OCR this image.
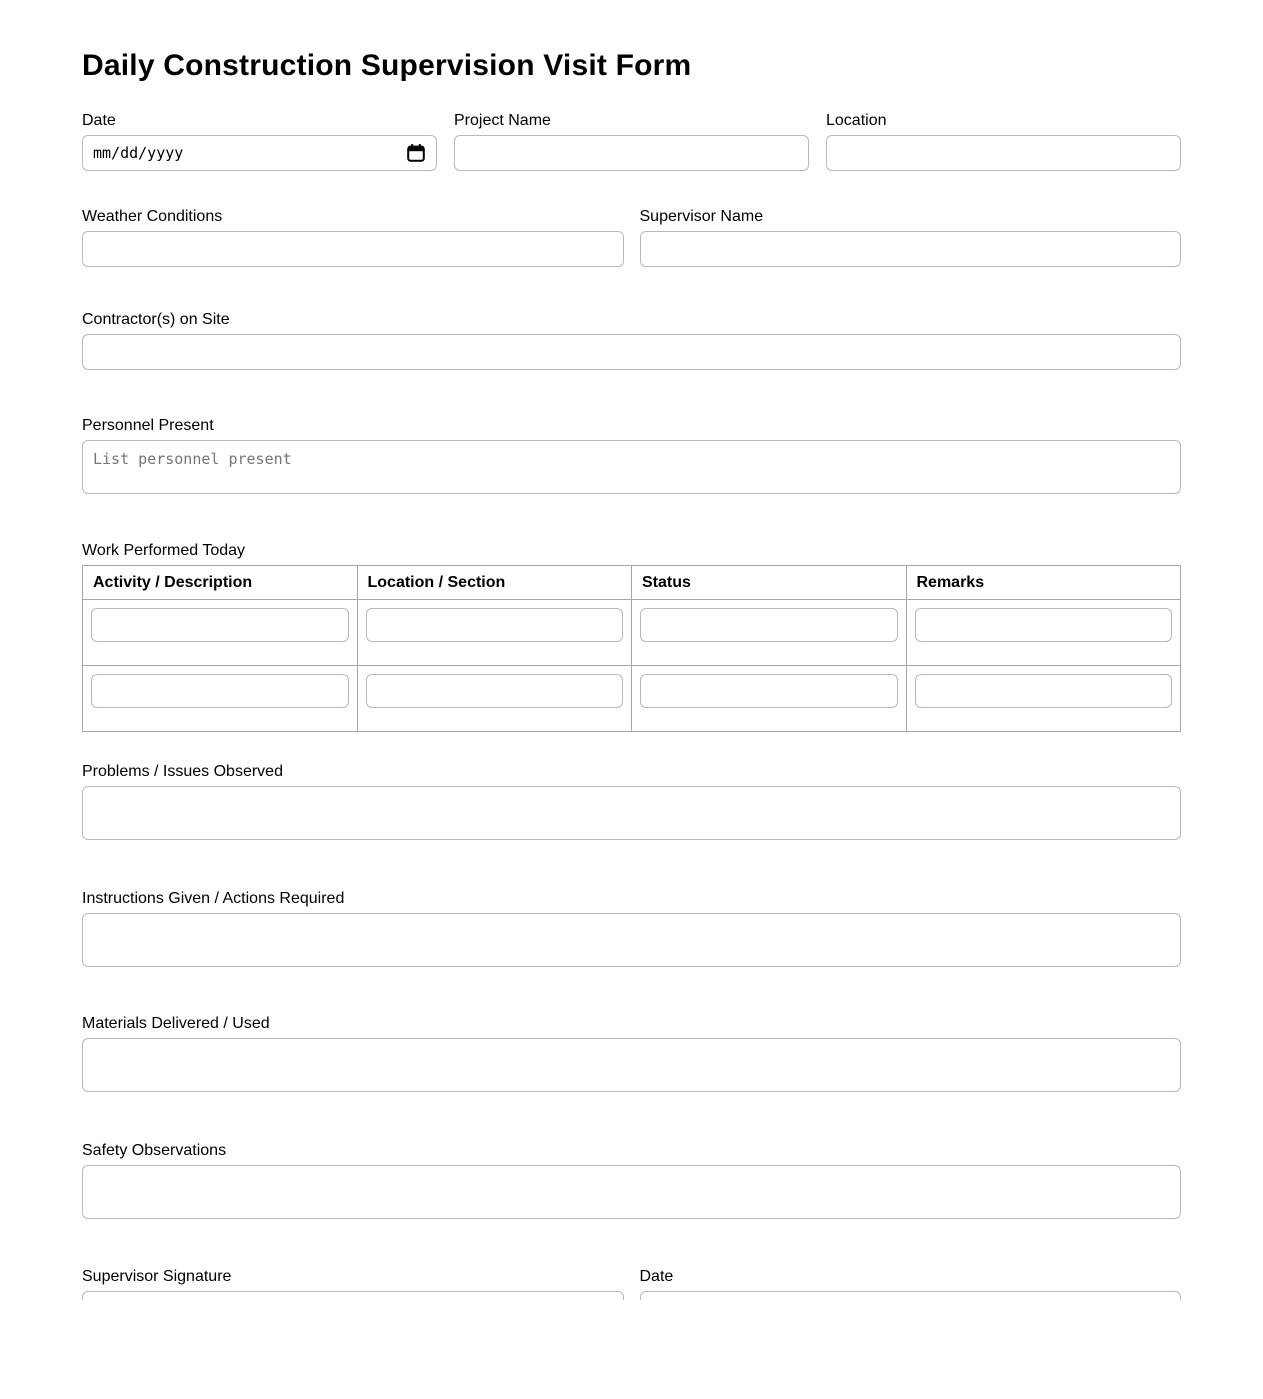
Daily Construction Supervision Visit Form
Date
mm/dd/yyyy
Project Name	Location
Weather Conditions	Supervisor Name
Contractor(s) on Site
Personnel Present
List personnel present
Work Performed Today
Activity / Description	Location / Section	Status	Remarks

Problems / Issues Observed
Instructions Given / Actions Required
Materials Delivered / Used
Safety Observations
Supervisor Signature	Date
